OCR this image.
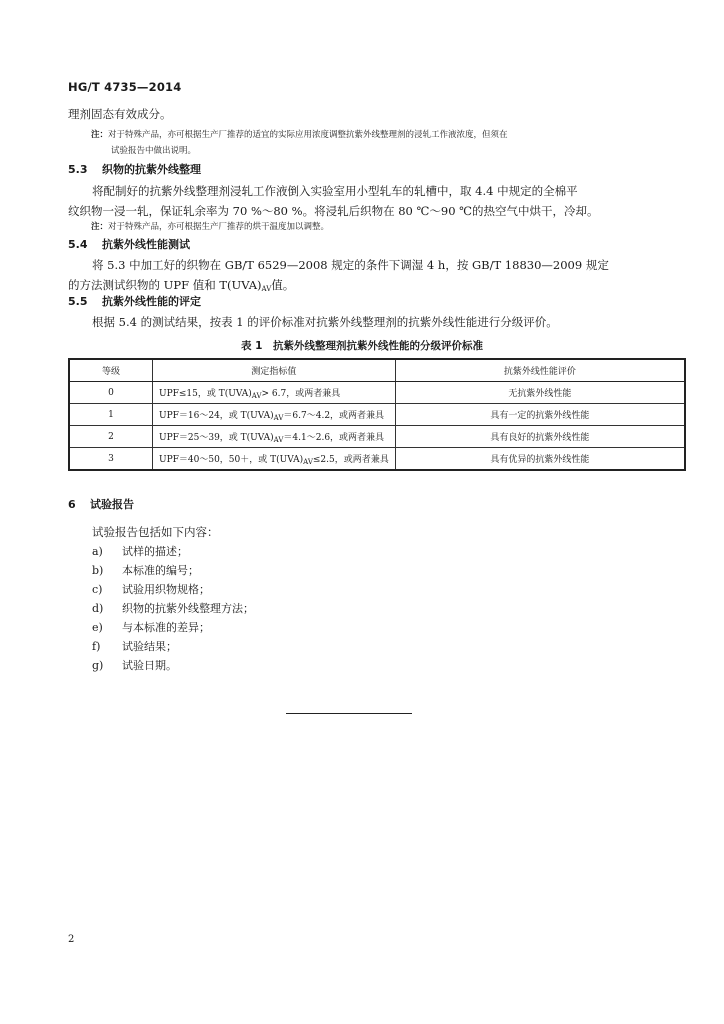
HG/T 4735—2014
理剂固态有效成分。
注：对于特殊产品，亦可根据生产厂推荐的适宜的实际应用浓度调整抗紫外线整理剂的浸轧工作液浓度，但须在
试验报告中做出说明。
5.3 织物的抗紫外线整理
将配制好的抗紫外线整理剂浸轧工作液倒入实验室用小型轧车的轧槽中，取 4.4 中规定的全棉平
纹织物一浸一轧，保证轧余率为 70 %～80 %。将浸轧后织物在 80 ℃～90 ℃的热空气中烘干，冷却。
注：对于特殊产品，亦可根据生产厂推荐的烘干温度加以调整。
5.4 抗紫外线性能测试
将 5.3 中加工好的织物在 GB/T 6529—2008 规定的条件下调湿 4 h，按 GB/T 18830—2009 规定
的方法测试织物的 UPF 值和 $T(UVA)_{AV}$值。
5.5 抗紫外线性能的评定
根据 5.4 的测试结果，按表 1 的评价标准对抗紫外线整理剂的抗紫外线性能进行分级评价。
表 1　抗紫外线整理剂抗紫外线性能的分级评价标准
等级	测定指标值	抗紫外线性能评价
0	UPF≤15，或 $T(UVA)_{AV}> 6.7$，或两者兼具	无抗紫外线性能
1	UPF＝16～24，或 $T(UVA)_{AV}=6.7\sim 4.2$，或两者兼具	具有一定的抗紫外线性能
2	UPF＝25～39，或 $T(UVA)_{AV}=4.1\sim 2.6$，或两者兼具	具有良好的抗紫外线性能
3	UPF＝40～50，50＋，或 $T(UVA)_{AV}\le 2.5$，或两者兼具	具有优异的抗紫外线性能
6 试验报告
试验报告包括如下内容：
a) 试样的描述；
b) 本标准的编号；
c) 试验用织物规格；
d) 织物的抗紫外线整理方法；
e) 与本标准的差异；
f) 试验结果；
g) 试验日期。
2
